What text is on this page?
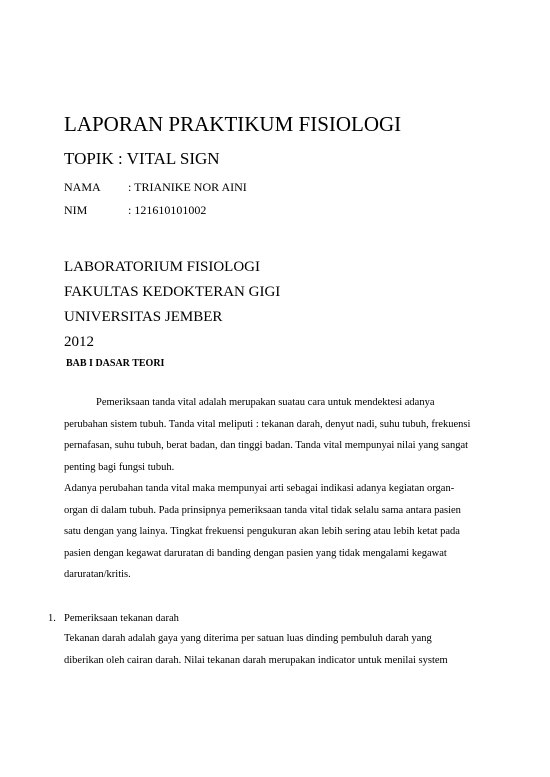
LAPORAN PRAKTIKUM FISIOLOGI
TOPIK : VITAL SIGN
NAMA : TRIANIKE NOR AINI
NIM	: 121610101002
LABORATORIUM FISIOLOGI
FAKULTAS KEDOKTERAN GIGI
UNIVERSITAS JEMBER
2012
BAB I DASAR TEORI
Pemeriksaan tanda vital adalah merupakan suatau cara untuk mendektesi adanya
perubahan sistem tubuh. Tanda vital meliputi : tekanan darah, denyut nadi, suhu tubuh, frekuensi
pernafasan, suhu tubuh, berat badan, dan tinggi badan. Tanda vital mempunyai nilai yang sangat
penting bagi fungsi tubuh.
Adanya perubahan tanda vital maka mempunyai arti sebagai indikasi adanya kegiatan organ-
organ di dalam tubuh. Pada prinsipnya pemeriksaan tanda vital tidak selalu sama antara pasien
satu dengan yang lainya. Tingkat frekuensi pengukuran akan lebih sering atau lebih ketat pada
pasien dengan kegawat daruratan di banding dengan pasien yang tidak mengalami kegawat
daruratan/kritis.
1. Pemeriksaan tekanan darah
Tekanan darah adalah gaya yang diterima per satuan luas dinding pembuluh darah yang
diberikan oleh cairan darah. Nilai tekanan darah merupakan indicator untuk menilai system
